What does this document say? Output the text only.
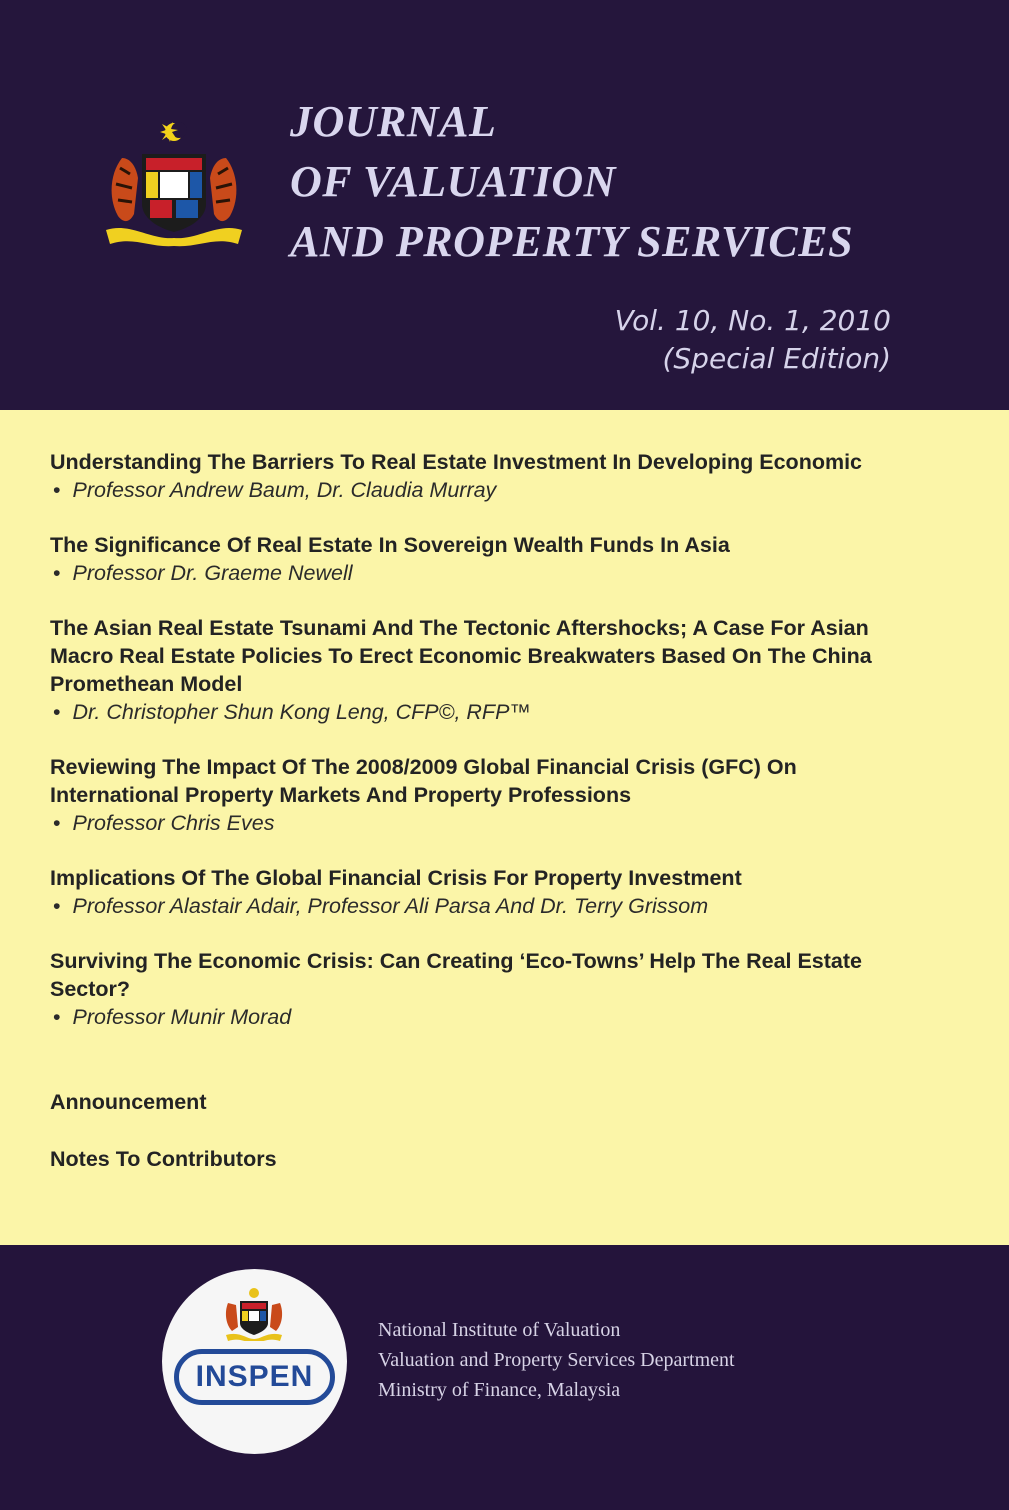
JOURNAL
OF VALUATION
AND PROPERTY SERVICES
Vol. 10, No. 1, 2010
(Special Edition)
Understanding The Barriers To Real Estate Investment In Developing Economic
• Professor Andrew Baum, Dr. Claudia Murray
The Significance Of Real Estate In Sovereign Wealth Funds In Asia
• Professor Dr. Graeme Newell
The Asian Real Estate Tsunami And The Tectonic Aftershocks; A Case For Asian
Macro Real Estate Policies To Erect Economic Breakwaters Based On The China
Promethean Model
• Dr. Christopher Shun Kong Leng, CFP©, RFP™
Reviewing The Impact Of The 2008/2009 Global Financial Crisis (GFC) On
International Property Markets And Property Professions
• Professor Chris Eves
Implications Of The Global Financial Crisis For Property Investment
• Professor Alastair Adair, Professor Ali Parsa And Dr. Terry Grissom
Surviving The Economic Crisis: Can Creating ‘Eco-Towns’ Help The Real Estate
Sector?
• Professor Munir Morad
Announcement
Notes To Contributors
INSPEN
National Institute of Valuation
Valuation and Property Services Department
Ministry of Finance, Malaysia
